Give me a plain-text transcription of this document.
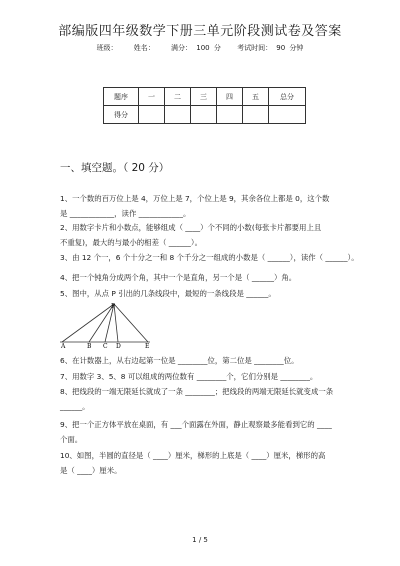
部编版四年级数学下册三单元阶段测试卷及答案
班级： 姓名： 满分： 100 分 考试时间： 90 分钟
题序	一	二	三	四	五	总分
得分						
一、填空题。（ 20 分）
1、一个数的百万位上是 4，万位上是 7，个位上是 9，其余各位上都是 0，这个数
是 ____________，读作 ____________。
2、用数字卡片和小数点，能够组成（ ____）个不同的小数(每张卡片都要用上且
不重复)，最大的与最小的相差（ ______）。
3、由 12 个一，6 个十分之一和 8 个千分之一组成的小数是（ ______），读作（ ______）。
4、把一个钝角分成两个角，其中一个是直角，另一个是（ ______）角。
5、图中，从点 P 引出的几条线段中，最短的一条线段是 ______。
P
A	B C D	E
6、在计数器上，从右边起第一位是 ________位，第二位是 ________位。
7、用数字 3、5、8 可以组成的两位数有 ________个，它们分别是 ________。
8、把线段的一端无限延长就成了一条 ________；把线段的两端无限延长就变成一条
______。
9、把一个正方体平放在桌面，有 ___个面露在外面，静止观察最多能看到它的 ____
个面。
10、如图，半圆的直径是（ ____）厘米，梯形的上底是（ ____）厘米，梯形的高
是（ ____）厘米。
1 / 5
